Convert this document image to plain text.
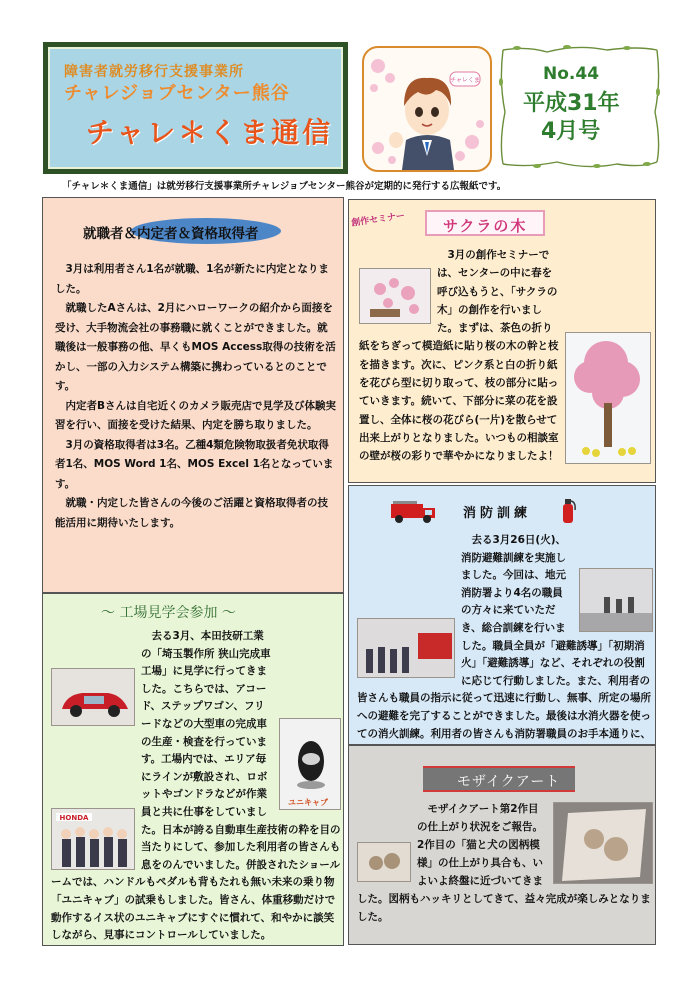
障害者就労移行支援事業所
チャレジョブセンター熊谷
チャレ＊くま通信
チャレくま	No.44
平成31年
4月号
「チャレ＊くま通信」は就労移行支援事業所チャレジョブセンター熊谷が定期的に発行する広報紙です。
就職者＆内定者＆資格取得者

3月は利用者さん1名が就職、1名が新たに内定となりました。

就職したAさんは、2月にハローワークの紹介から面接を受け、大手物流会社の事務職に就くことができました。就職後は一般事務の他、早くもMOS Access取得の技術を活かし、一部の入力システム構築に携わっているとのことです。

内定者Bさんは自宅近くのカメラ販売店で見学及び体験実習を行い、面接を受けた結果、内定を勝ち取りました。

3月の資格取得者は3名。乙種4類危険物取扱者免状取得者1名、MOS Word 1名、MOS Excel 1名となっています。

就職・内定した皆さんの今後のご活躍と資格取得者の技能活用に期待いたします。

～ 工場見学会参加 ～
ユニキャブ
HONDA

去る3月、本田技研工業の「埼玉製作所 狭山完成車工場」に見学に行ってきました。こちらでは、アコード、ステップワゴン、フリードなどの大型車の完成車の生産・検査を行っています。工場内では、エリア毎にラインが敷設され、ロボットやゴンドラなどが作業員と共に仕事をしていました。日本が誇る自動車生産技術の粋を目の当たりにして、参加した利用者の皆さんも息をのんでいました。併設されたショールームでは、ハンドルもペダルも背もたれも無い未来の乗り物「ユニキャブ」の試乗もしました。皆さん、体重移動だけで動作するイス状のユニキャブにすぐに慣れて、和やかに談笑しながら、見事にコントロールしていました。

創作セミナー サクラの木

3月の創作セミナーでは、センターの中に春を呼び込もうと、「サクラの木」の創作を行いました。まずは、茶色の折り紙をちぎって模造紙に貼り桜の木の幹と枝を描きます。次に、ピンク系と白の折り紙を花びら型に切り取って、枝の部分に貼っていきます。続いて、下部分に菜の花を設置し、全体に桜の花びら(一片)を散らせて出来上がりとなりました。いつもの相談室の壁が桜の彩りで華やかになりましたよ！

消防訓練

去る3月26日(火)、消防避難訓練を実施しました。今回は、地元消防署より4名の職員の方々に来ていただき、総合訓練を行いました。職員全員が「避難誘導」「初期消火」「避難誘導」など、それぞれの役割に応じて行動しました。また、利用者の皆さんも職員の指示に従って迅速に行動し、無事、所定の場所への避難を完了することができました。最後は水消火器を使っての消火訓練。利用者の皆さんも消防署職員のお手本通りに、

モザイクアート

モザイクアート第2作目の仕上がり状況をご報告。2作目の「猫と犬の図柄模様」の仕上がり具合も、いよいよ終盤に近づいてきました。図柄もハッキリとしてきて、益々完成が楽しみとなりました。
